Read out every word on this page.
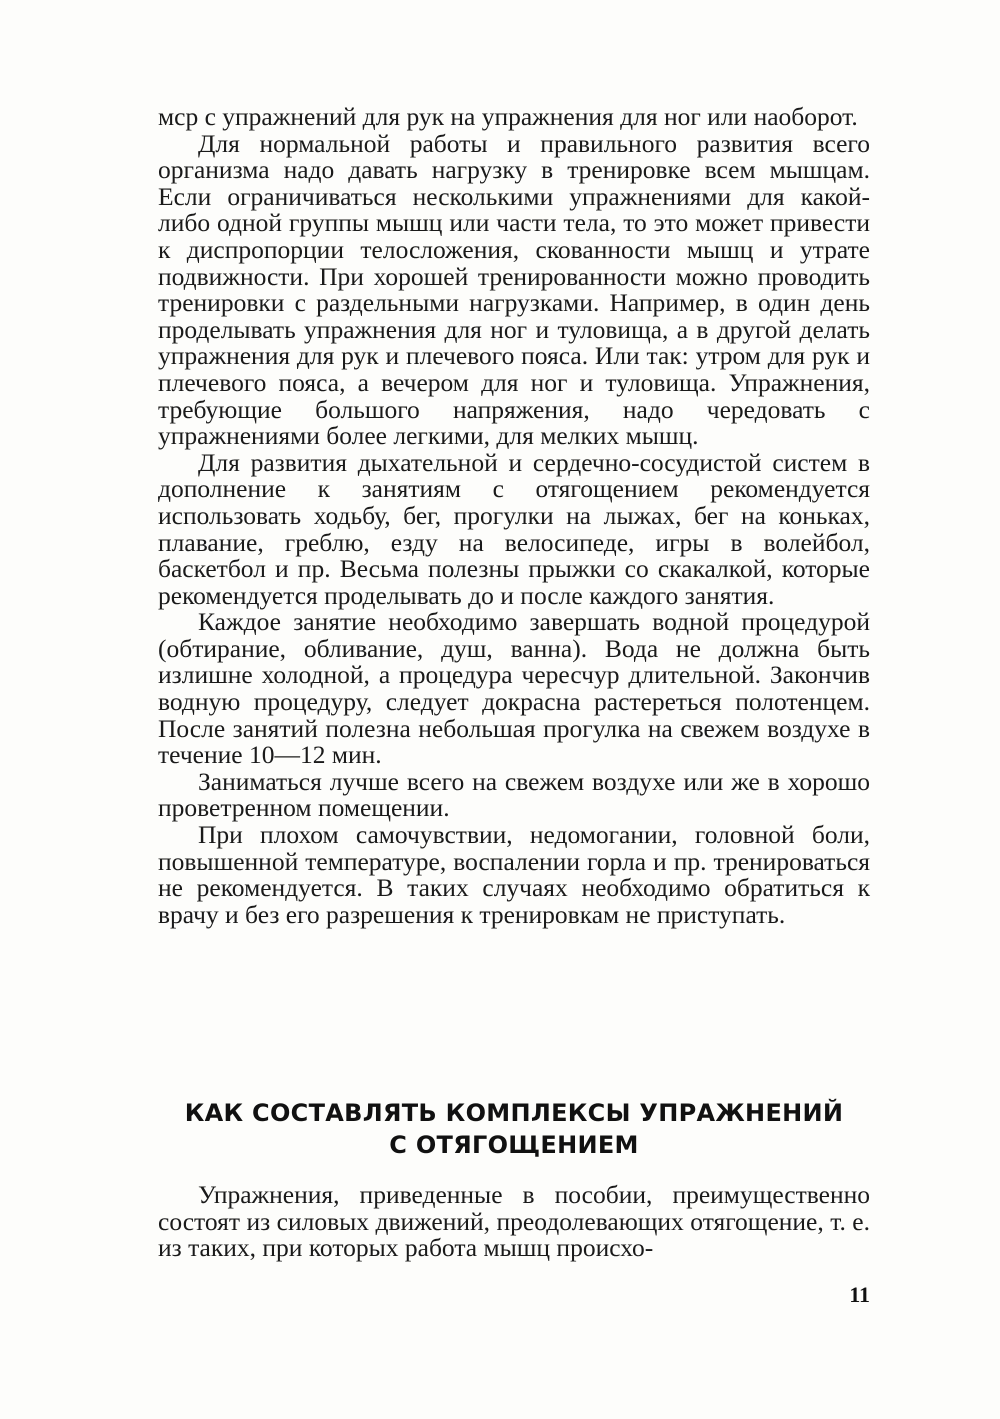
мср с упражнений для рук на упражнения для ног или наоборот.

Для нормальной работы и правильного развития всего организма надо давать нагрузку в тренировке всем мышцам. Если ограничиваться несколькими упражнениями для какой-либо одной группы мышц или части тела, то это может привести к диспропорции телосложения, скованности мышц и утрате подвижности. При хорошей тренированности можно проводить тренировки с раздельными нагрузками. Например, в один день проделывать упражнения для ног и туловища, а в другой делать упражнения для рук и плечевого пояса. Или так: утром для рук и плечевого пояса, а вечером для ног и туловища. Упражнения, требующие большого напряжения, надо чередовать с упражнениями более легкими, для мелких мышц.

Для развития дыхательной и сердечно-сосудистой систем в дополнение к занятиям с отягощением рекомендуется использовать ходьбу, бег, прогулки на лыжах, бег на коньках, плавание, греблю, езду на велосипеде, игры в волейбол, баскетбол и пр. Весьма полезны прыжки со скакалкой, которые рекомендуется проделывать до и после каждого занятия.

Каждое занятие необходимо завершать водной процедурой (обтирание, обливание, душ, ванна). Вода не должна быть излишне холодной, а процедура чересчур длительной. Закончив водную процедуру, следует докрасна растереться полотенцем. После занятий полезна небольшая прогулка на свежем воздухе в течение 10—12 мин.

Заниматься лучше всего на свежем воздухе или же в хорошо проветренном помещении.

При плохом самочувствии, недомогании, головной боли, повышенной температуре, воспалении горла и пр. тренироваться не рекомендуется. В таких случаях необходимо обратиться к врачу и без его разрешения к тренировкам не приступать.

КАК СОСТАВЛЯТЬ КОМПЛЕКСЫ УПРАЖНЕНИЙ
С ОТЯГОЩЕНИЕМ

Упражнения, приведенные в пособии, преимущественно состоят из силовых движений, преодолевающих отягощение, т. е. из таких, при которых работа мышц происхо-

11
